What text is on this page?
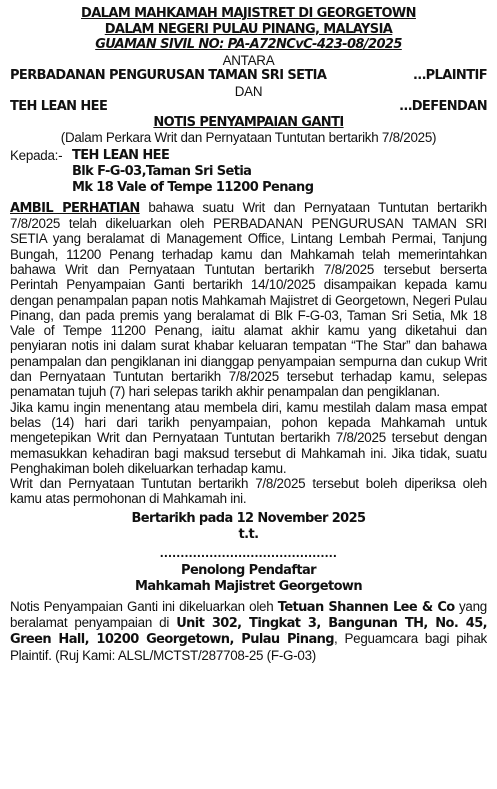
DALAM MAHKAMAH MAJISTRET DI GEORGETOWN
DALAM NEGERI PULAU PINANG, MALAYSIA
GUAMAN SIVIL NO: PA-A72NCvC-423-08/2025
ANTARA
PERBADANAN PENGURUSAN TAMAN SRI SETIA	…PLAINTIF
DAN
TEH LEAN HEE	…DEFENDAN
NOTIS PENYAMPAIAN GANTI
(Dalam Perkara Writ dan Pernyataan Tuntutan bertarikh 7/8/2025)
Kepada:- TEH LEAN HEE
Blk F-G-03,Taman Sri Setia
Mk 18 Vale of Tempe 11200 Penang

AMBIL PERHATIAN bahawa suatu Writ dan Pernyataan Tuntutan bertarikh 7/8/2025 telah dikeluarkan oleh PERBADANAN PENGURUSAN TAMAN SRI SETIA yang beralamat di Management Office, Lintang Lembah Permai, Tanjung Bungah, 11200 Penang terhadap kamu dan Mahkamah telah memerintahkan bahawa Writ dan Pernyataan Tuntutan bertarikh 7/8/2025 tersebut berserta Perintah Penyampaian Ganti bertarikh 14/10/2025 disampaikan kepada kamu dengan penampalan papan notis Mahkamah Majistret di Georgetown, Negeri Pulau Pinang, dan pada premis yang beralamat di Blk F-G-03, Taman Sri Setia, Mk 18 Vale of Tempe 11200 Penang, iaitu alamat akhir kamu yang diketahui dan penyiaran notis ini dalam surat khabar keluaran tempatan “The Star” dan bahawa penampalan dan pengiklanan ini dianggap penyampaian sempurna dan cukup Writ dan Pernyataan Tuntutan bertarikh 7/8/2025 tersebut terhadap kamu, selepas penamatan tujuh (7) hari selepas tarikh akhir penampalan dan pengiklanan.

Jika kamu ingin menentang atau membela diri, kamu mestilah dalam masa empat belas (14) hari dari tarikh penyampaian, pohon kepada Mahkamah untuk mengetepikan Writ dan Pernyataan Tuntutan bertarikh 7/8/2025 tersebut dengan memasukkan kehadiran bagi maksud tersebut di Mahkamah ini. Jika tidak, suatu Penghakiman boleh dikeluarkan terhadap kamu.

Writ dan Pernyataan Tuntutan bertarikh 7/8/2025 tersebut boleh diperiksa oleh kamu atas permohonan di Mahkamah ini.

Bertarikh pada 12 November 2025
t.t.
...........................................
Penolong Pendaftar
Mahkamah Majistret Georgetown

Notis Penyampaian Ganti ini dikeluarkan oleh Tetuan Shannen Lee & Co yang beralamat penyampaian di Unit 302, Tingkat 3, Bangunan TH, No. 45, Green Hall, 10200 Georgetown, Pulau Pinang, Peguamcara bagi pihak Plaintif. (Ruj Kami: ALSL/MCTST/287708-25 (F-G-03)
